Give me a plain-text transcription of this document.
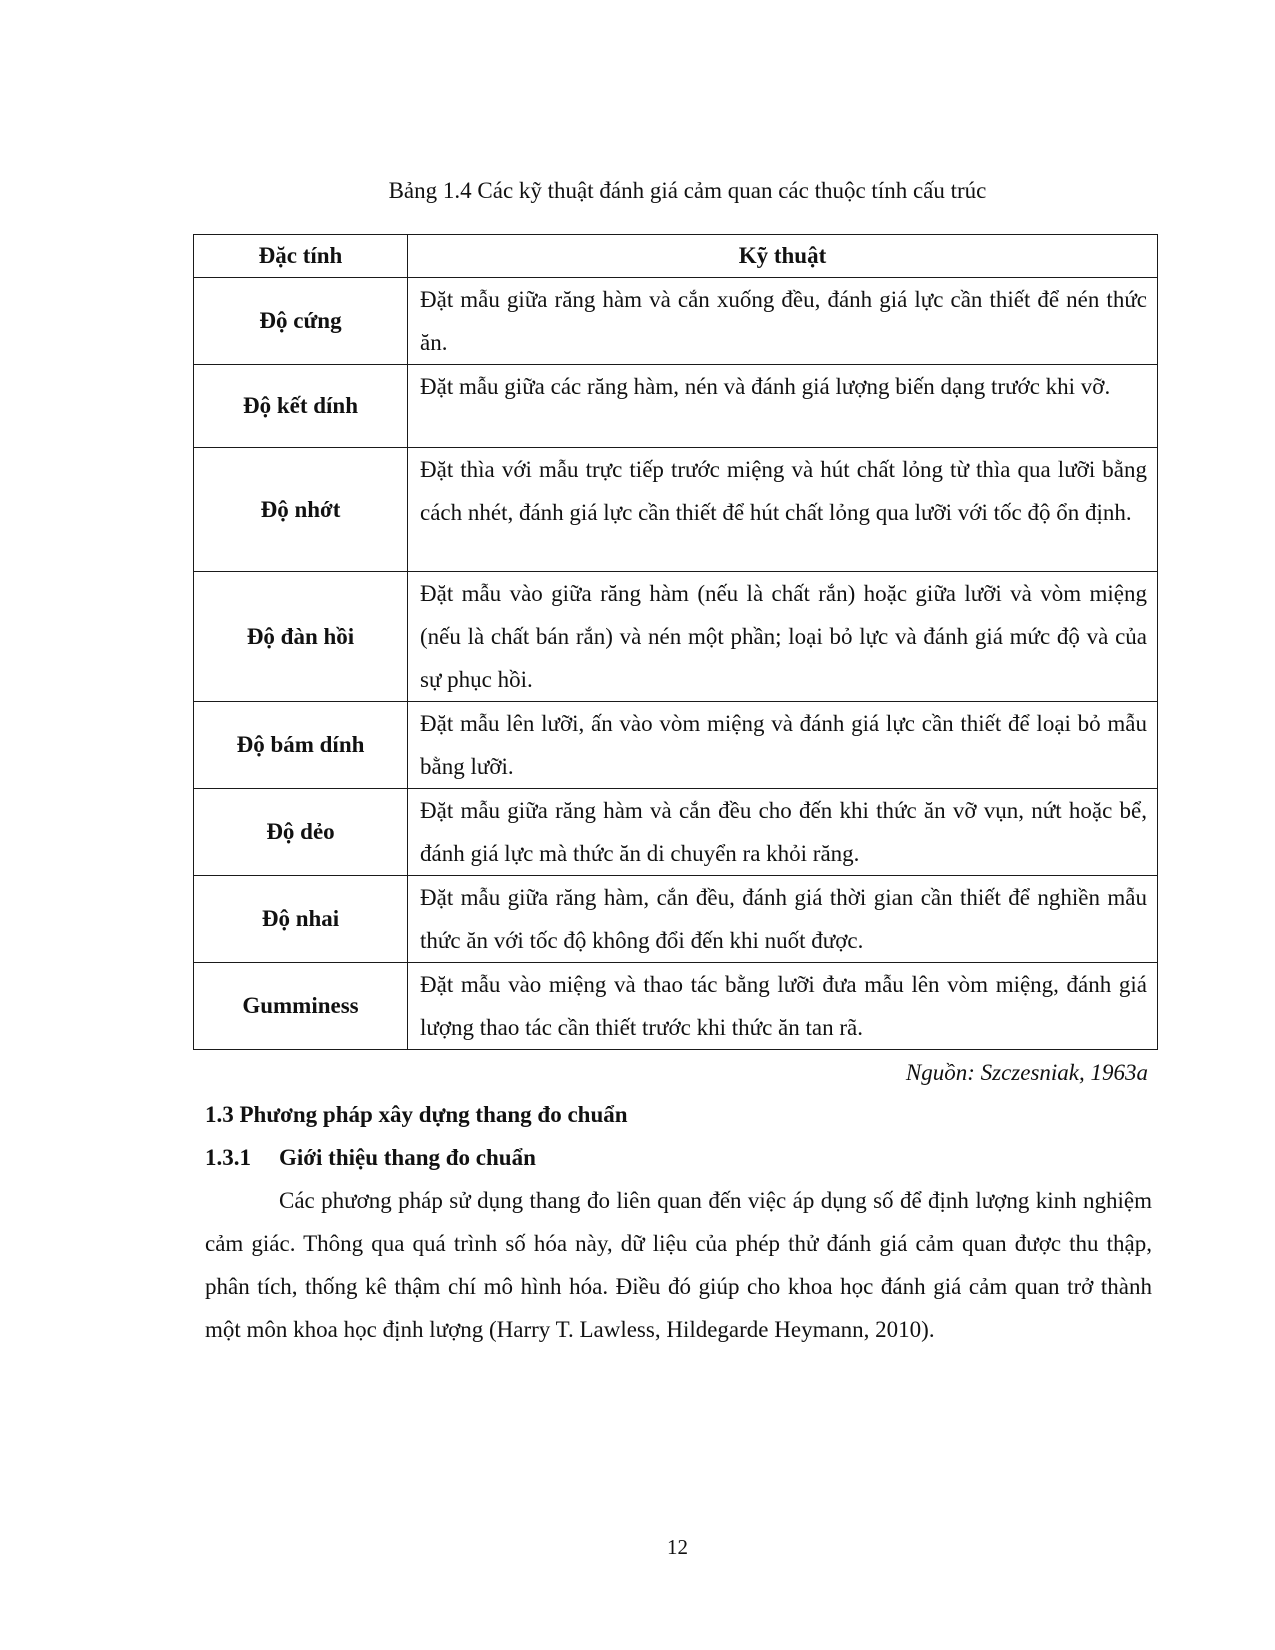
Bảng 1.4 Các kỹ thuật đánh giá cảm quan các thuộc tính cấu trúc
Đặc tính	Kỹ thuật
Độ cứng	Đặt mẫu giữa răng hàm và cắn xuống đều, đánh giá lực cần thiết để nén thức ăn.
Độ kết dính	Đặt mẫu giữa các răng hàm, nén và đánh giá lượng biến dạng trước khi vỡ.
Độ nhớt	Đặt thìa với mẫu trực tiếp trước miệng và hút chất lỏng từ thìa qua lưỡi bằng cách nhét, đánh giá lực cần thiết để hút chất lỏng qua lưỡi với tốc độ ổn định.
Độ đàn hồi	Đặt mẫu vào giữa răng hàm (nếu là chất rắn) hoặc giữa lưỡi và vòm miệng (nếu là chất bán rắn) và nén một phần; loại bỏ lực và đánh giá mức độ và của sự phục hồi.
Độ bám dính	Đặt mẫu lên lưỡi, ấn vào vòm miệng và đánh giá lực cần thiết để loại bỏ mẫu bằng lưỡi.
Độ dẻo	Đặt mẫu giữa răng hàm và cắn đều cho đến khi thức ăn vỡ vụn, nứt hoặc bể, đánh giá lực mà thức ăn di chuyển ra khỏi răng.
Độ nhai	Đặt mẫu giữa răng hàm, cắn đều, đánh giá thời gian cần thiết để nghiền mẫu thức ăn với tốc độ không đổi đến khi nuốt được.
Gumminess	Đặt mẫu vào miệng và thao tác bằng lưỡi đưa mẫu lên vòm miệng, đánh giá lượng thao tác cần thiết trước khi thức ăn tan rã.
Nguồn: Szczesniak, 1963a
1.3 Phương pháp xây dựng thang đo chuẩn
1.3.1 Giới thiệu thang đo chuẩn
Các phương pháp sử dụng thang đo liên quan đến việc áp dụng số để định lượng kinh nghiệm cảm giác. Thông qua quá trình số hóa này, dữ liệu của phép thử đánh giá cảm quan được thu thập, phân tích, thống kê thậm chí mô hình hóa. Điều đó giúp cho khoa học đánh giá cảm quan trở thành một môn khoa học định lượng (Harry T. Lawless, Hildegarde Heymann, 2010).
12
